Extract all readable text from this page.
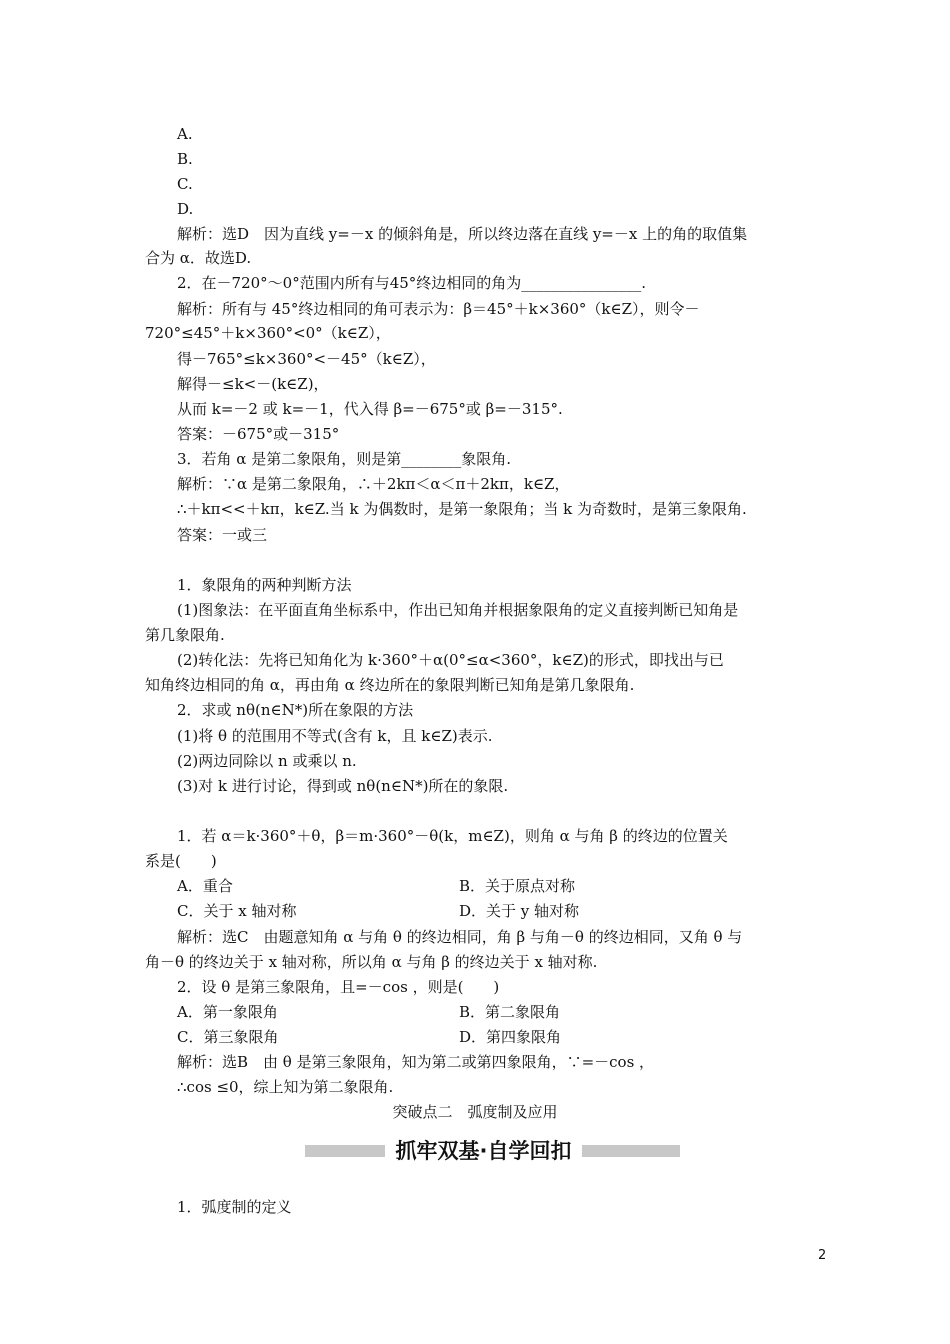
A.
B.
C.
D.
解析：选D　因为直线 y=－x 的倾斜角是，所以终边落在直线 y=－x 上的角的取值集
合为 α．故选D.
2．在－720°～0°范围内所有与45°终边相同的角为________________.
解析：所有与 45°终边相同的角可表示为：β＝45°＋k×360°（k∈Z），则令－
720°≤45°＋k×360°<0°（k∈Z），
得－765°≤k×360°<－45°（k∈Z），
解得－≤k<－(k∈Z)，
从而 k=－2 或 k=－1，代入得 β=－675°或 β=－315°.
答案：－675°或－315°
3．若角 α 是第二象限角，则是第________象限角.
解析：∵α 是第二象限角，∴＋2kπ＜α＜π＋2kπ，k∈Z，
∴＋kπ<<＋kπ，k∈Z.当 k 为偶数时，是第一象限角；当 k 为奇数时，是第三象限角.
答案：一或三
1．象限角的两种判断方法
(1)图象法：在平面直角坐标系中，作出已知角并根据象限角的定义直接判断已知角是
第几象限角.
(2)转化法：先将已知角化为 k·360°＋α(0°≤α<360°，k∈Z)的形式，即找出与已
知角终边相同的角 α，再由角 α 终边所在的象限判断已知角是第几象限角.
2．求或 nθ(n∈N*)所在象限的方法
(1)将 θ 的范围用不等式(含有 k，且 k∈Z)表示.
(2)两边同除以 n 或乘以 n.
(3)对 k 进行讨论，得到或 nθ(n∈N*)所在的象限.
1．若 α＝k·360°＋θ，β＝m·360°－θ(k，m∈Z)，则角 α 与角 β 的终边的位置关
系是(　　)
A．重合	B．关于原点对称
C．关于 x 轴对称	D．关于 y 轴对称
解析：选C　由题意知角 α 与角 θ 的终边相同，角 β 与角－θ 的终边相同，又角 θ 与
角－θ 的终边关于 x 轴对称，所以角 α 与角 β 的终边关于 x 轴对称.
2．设 θ 是第三象限角，且=－cos ，则是(　　)
A．第一象限角	B．第二象限角
C．第三象限角	D．第四象限角
解析：选B　由 θ 是第三象限角，知为第二或第四象限角，∵=－cos ，
∴cos ≤0，综上知为第二象限角.
突破点二　弧度制及应用
抓牢双基·自学回扣
1．弧度制的定义
2
